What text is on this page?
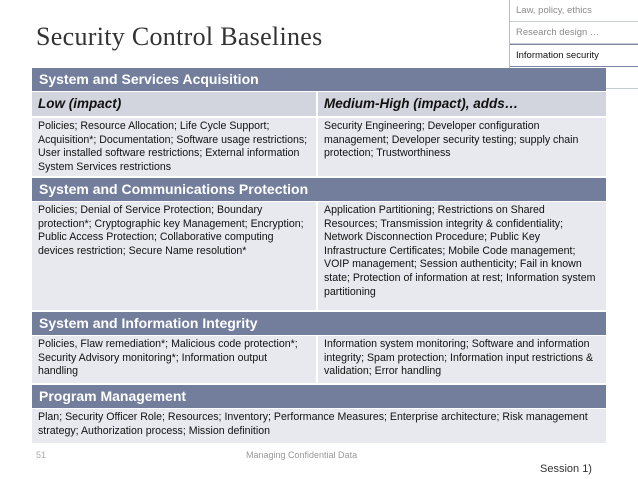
Security Control Baselines
Law, policy, ethics
Research design …
Information security
System and Services Acquisition
Low (impact)	Medium-High (impact), adds…
Policies; Resource Allocation; Life Cycle Support; Acquisition*; Documentation; Software usage restrictions; User installed software restrictions; External information System Services restrictions
Security Engineering; Developer configuration management; Developer security testing; supply chain protection; Trustworthiness
System and Communications Protection
Policies; Denial of Service Protection; Boundary protection*; Cryptographic key Management; Encryption; Public Access Protection; Collaborative computing devices restriction; Secure Name resolution*
Application Partitioning; Restrictions on Shared Resources; Transmission integrity & confidentiality; Network Disconnection Procedure; Public Key Infrastructure Certificates; Mobile Code management; VOIP management; Session authenticity; Fail in known state; Protection of information at rest; Information system partitioning
System and Information Integrity
Policies, Flaw remediation*; Malicious code protection*; Security Advisory monitoring*; Information output handling
Information system monitoring; Software and information integrity; Spam protection; Information input restrictions & validation; Error handling
Program Management
Plan; Security Officer Role; Resources; Inventory; Performance Measures; Enterprise architecture; Risk management strategy; Authorization process; Mission definition
51	Managing Confidential Data
Session 1)
